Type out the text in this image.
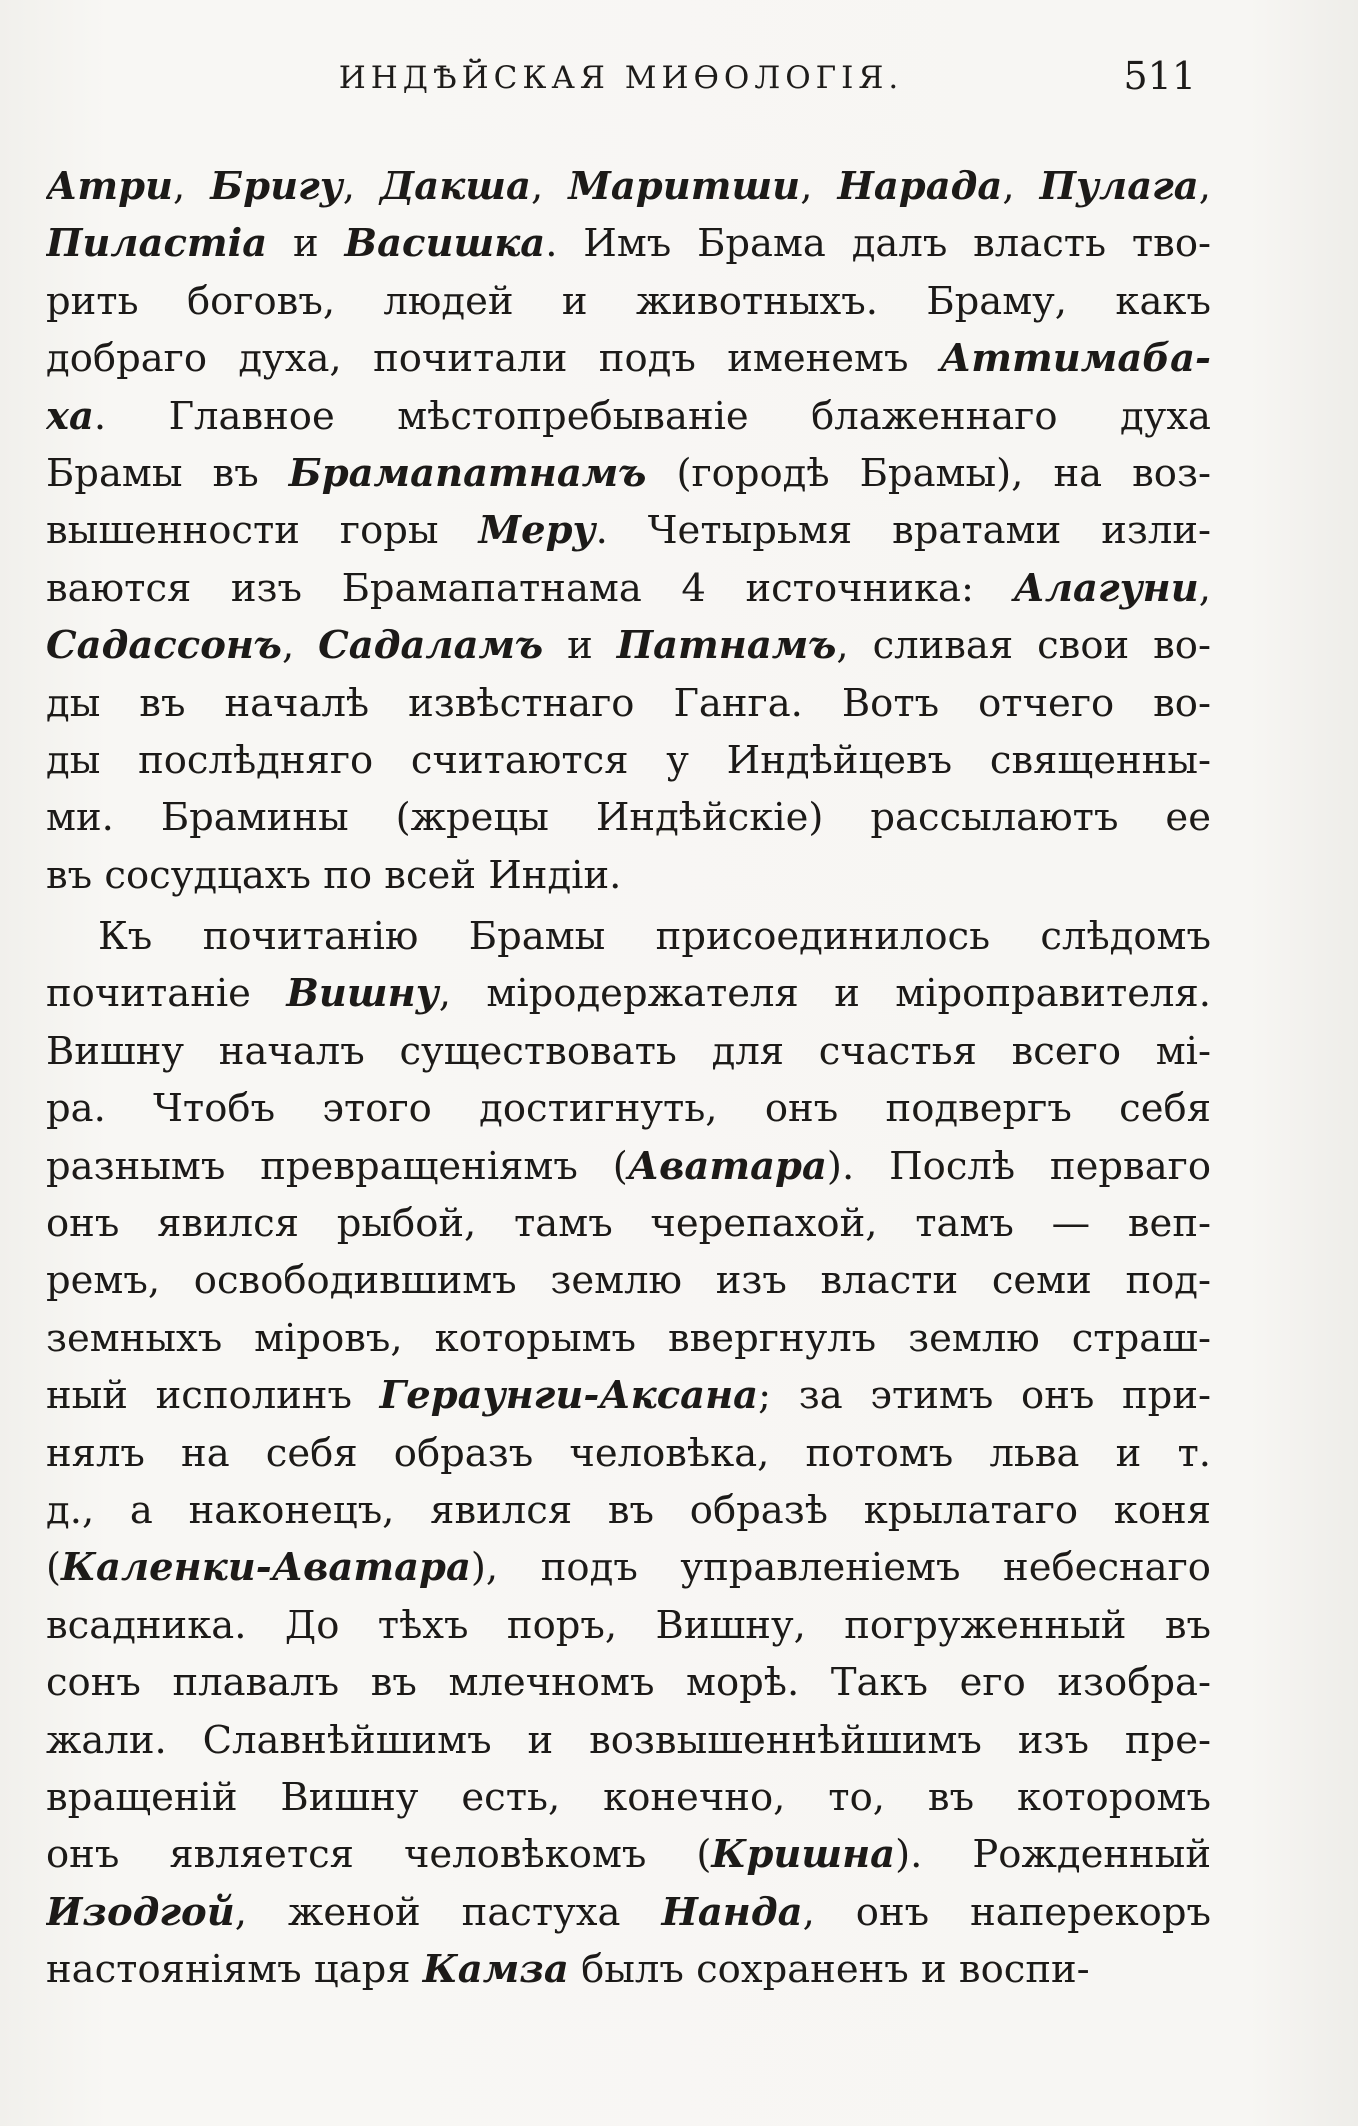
ИНДѢЙСКАЯ МИѲОЛОГІЯ.	511
Атри, Бригу, Дакша, Маритши, Нарада, Пулага,
Пиластіа и Васишка. Имъ Брама далъ власть тво-
рить боговъ, людей и животныхъ. Браму, какъ
добраго духа, почитали подъ именемъ Аттимаба-
ха. Главное мѣстопребываніе блаженнаго духа
Брамы въ Брамапатнамъ (городѣ Брамы), на воз-
вышенности горы Меру. Четырьмя вратами изли-
ваются изъ Брамапатнама 4 источника: Алагуни,
Садассонъ, Садаламъ и Патнамъ, сливая свои во-
ды въ началѣ извѣстнаго Ганга. Вотъ отчего во-
ды послѣдняго считаются у Индѣйцевъ священны-
ми. Брамины (жрецы Индѣйскіе) рассылаютъ ее
въ сосудцахъ по всей Индіи.
Къ почитанію Брамы присоединилось слѣдомъ
почитаніе Вишну, міродержателя и міроправителя.
Вишну началъ существовать для счастья всего мі-
ра. Чтобъ этого достигнуть, онъ подвергъ себя
разнымъ превращеніямъ (Аватара). Послѣ перваго
онъ явился рыбой, тамъ черепахой, тамъ — веп-
ремъ, освободившимъ землю изъ власти семи под-
земныхъ міровъ, которымъ ввергнулъ землю страш-
ный исполинъ Гераунги-Аксана; за этимъ онъ при-
нялъ на себя образъ человѣка, потомъ льва и т.
д., а наконецъ, явился въ образѣ крылатаго коня
(Каленки-Аватара), подъ управленіемъ небеснаго
всадника. До тѣхъ поръ, Вишну, погруженный въ
сонъ плавалъ въ млечномъ морѣ. Такъ его изобра-
жали. Славнѣйшимъ и возвышеннѣйшимъ изъ пре-
вращеній Вишну есть, конечно, то, въ которомъ
онъ является человѣкомъ (Кришна). Рожденный
Изодгой, женой пастуха Нанда, онъ наперекоръ
настояніямъ царя Камза былъ сохраненъ и воспи-
